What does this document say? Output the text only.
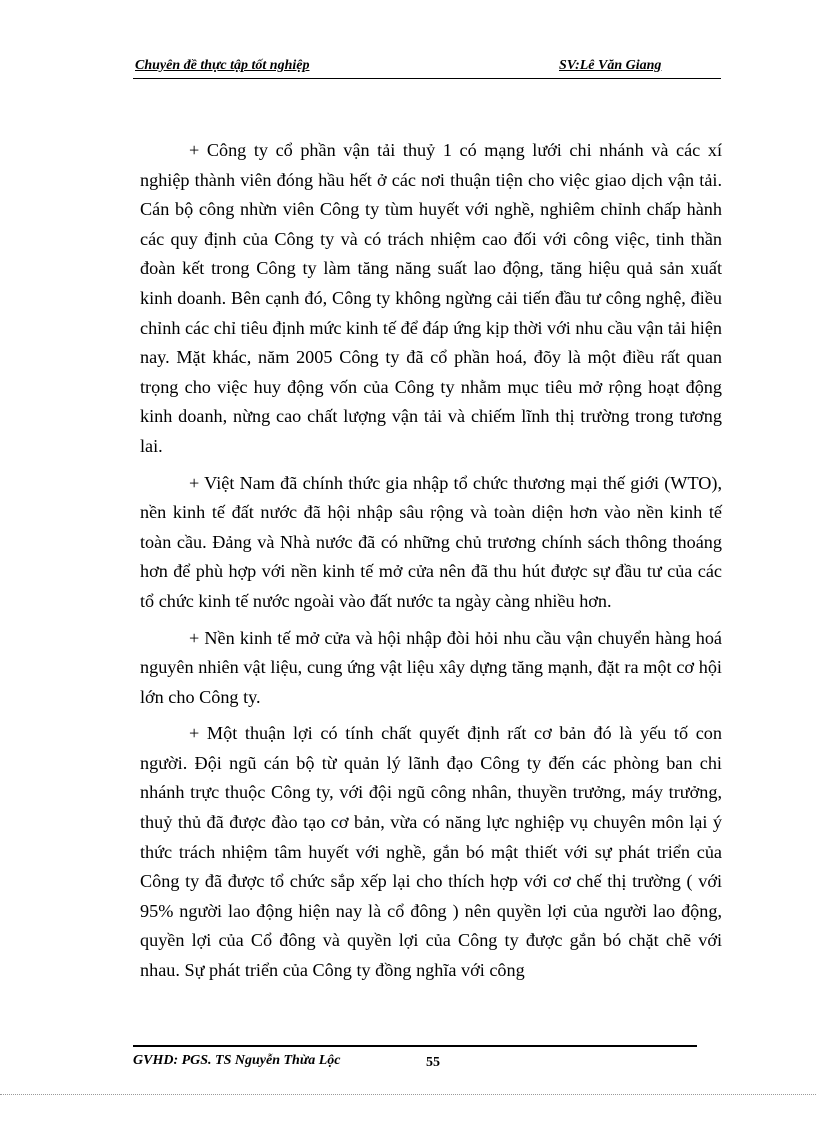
Chuyên đề thực tập tốt nghiệp	SV:Lê Văn Giang

+ Công ty cổ phần vận tải thuỷ 1 có mạng lưới chi nhánh và các xí nghiệp thành viên đóng hầu hết ở các nơi thuận tiện cho việc giao dịch vận tải. Cán bộ công nhừn viên Công ty tùm huyết với nghề, nghiêm chỉnh chấp hành các quy định của Công ty và có trách nhiệm cao đối với công việc, tinh thần đoàn kết trong Công ty làm tăng năng suất lao động, tăng hiệu quả sản xuất kinh doanh. Bên cạnh đó, Công ty không ngừng cải tiến đầu tư công nghệ, điều chỉnh các chỉ tiêu định mức kinh tế để đáp ứng kịp thời với nhu cầu vận tải hiện nay. Mặt khác, năm 2005 Công ty đã cổ phần hoá, đõy là một điều rất quan trọng cho việc huy động vốn của Công ty nhằm mục tiêu mở rộng hoạt động kinh doanh, nừng cao chất lượng vận tải và chiếm lĩnh thị trường trong tương lai.

+ Việt Nam đã chính thức gia nhập tổ chức thương mại thế giới (WTO), nền kinh tế đất nước đã hội nhập sâu rộng và toàn diện hơn vào nền kinh tế toàn cầu. Đảng và Nhà nước đã có những chủ trương chính sách thông thoáng hơn để phù hợp với nền kinh tế mở cửa nên đã thu hút được sự đầu tư của các tổ chức kinh tế nước ngoài vào đất nước ta ngày càng nhiều hơn.

+ Nền kinh tế mở cửa và hội nhập đòi hỏi nhu cầu vận chuyển hàng hoá nguyên nhiên vật liệu, cung ứng vật liệu xây dựng tăng mạnh, đặt ra một cơ hội lớn cho Công ty.

+ Một thuận lợi có tính chất quyết định rất cơ bản đó là yếu tố con người. Đội ngũ cán bộ từ quản lý lãnh đạo Công ty đến các phòng ban chi nhánh trực thuộc Công ty, với đội ngũ công nhân, thuyền trưởng, máy trưởng, thuỷ thủ đã được đào tạo cơ bản, vừa có năng lực nghiệp vụ chuyên môn lại ý thức trách nhiệm tâm huyết với nghề, gắn bó mật thiết với sự phát triển của Công ty đã được tổ chức sắp xếp lại cho thích hợp với cơ chế thị trường ( với 95% người lao động hiện nay là cổ đông ) nên quyền lợi của người lao động, quyền lợi của Cổ đông và quyền lợi của Công ty được gắn bó chặt chẽ với nhau. Sự phát triển của Công ty đồng nghĩa với công

GVHD: PGS. TS Nguyễn Thừa Lộc	55
